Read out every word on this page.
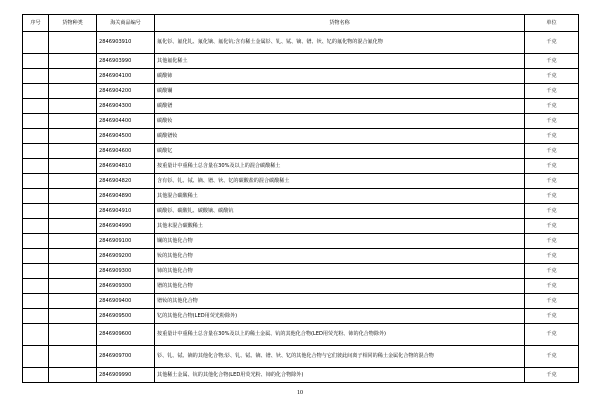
序号	货物种类	海关商品编号	货物名称	单位
		2846903910	氟化钐、氟化钆、氟化镝、氟化钪;含有稀土金属钐、钆、铽、镝、镨、钬、钇的氟化物的混合氟化物	千克
		2846903990	其他氟化稀土	千克
		2846904100	碳酸铈	千克
		2846904200	碳酸镧	千克
		2846904300	碳酸镨	千克
		2846904400	碳酸钕	千克
		2846904500	碳酸镨钕	千克
		2846904600	碳酸钇	千克
		2846904810	按重量计中重稀土总含量在30%及以上的混合碳酸稀土	千克
		2846904820	含有钐、钆、铽、镝、镨、钬、钇的碳酸盐的混合碳酸稀土	千克
		2846904890	其他混合碳酸稀土	千克
		2846904910	碳酸钐、碳酸钆、碳酸镝、碳酸钪	千克
		2846904990	其他未混合碳酸稀土	千克
		2846909100	镧的其他化合物	千克
		2846909200	钕的其他化合物	千克
		2846909300	铈的其他化合物	千克
		2846909300	镨的其他化合物	千克
		2846909400	镨钕的其他化合物	千克
		2846909500	钇的其他化合物(LED用荧光粉除外)	千克
		2846909600	按重量计中重稀土总含量在30%及以上的稀土金属、钪的其他化合物(LED用荧光粉、铈的化合物除外)	千克
		2846909700	钐、钆、铽、镝的其他化合物;钐、钆、铽、镝、镨、钬、钇的其他化合物与它们彼此间离子相同的稀土金属化合物的混合物	千克
		2846909990	其他稀土金属、钪的其他化合物(LED用荧光粉、铈的化合物除外)	千克
10
